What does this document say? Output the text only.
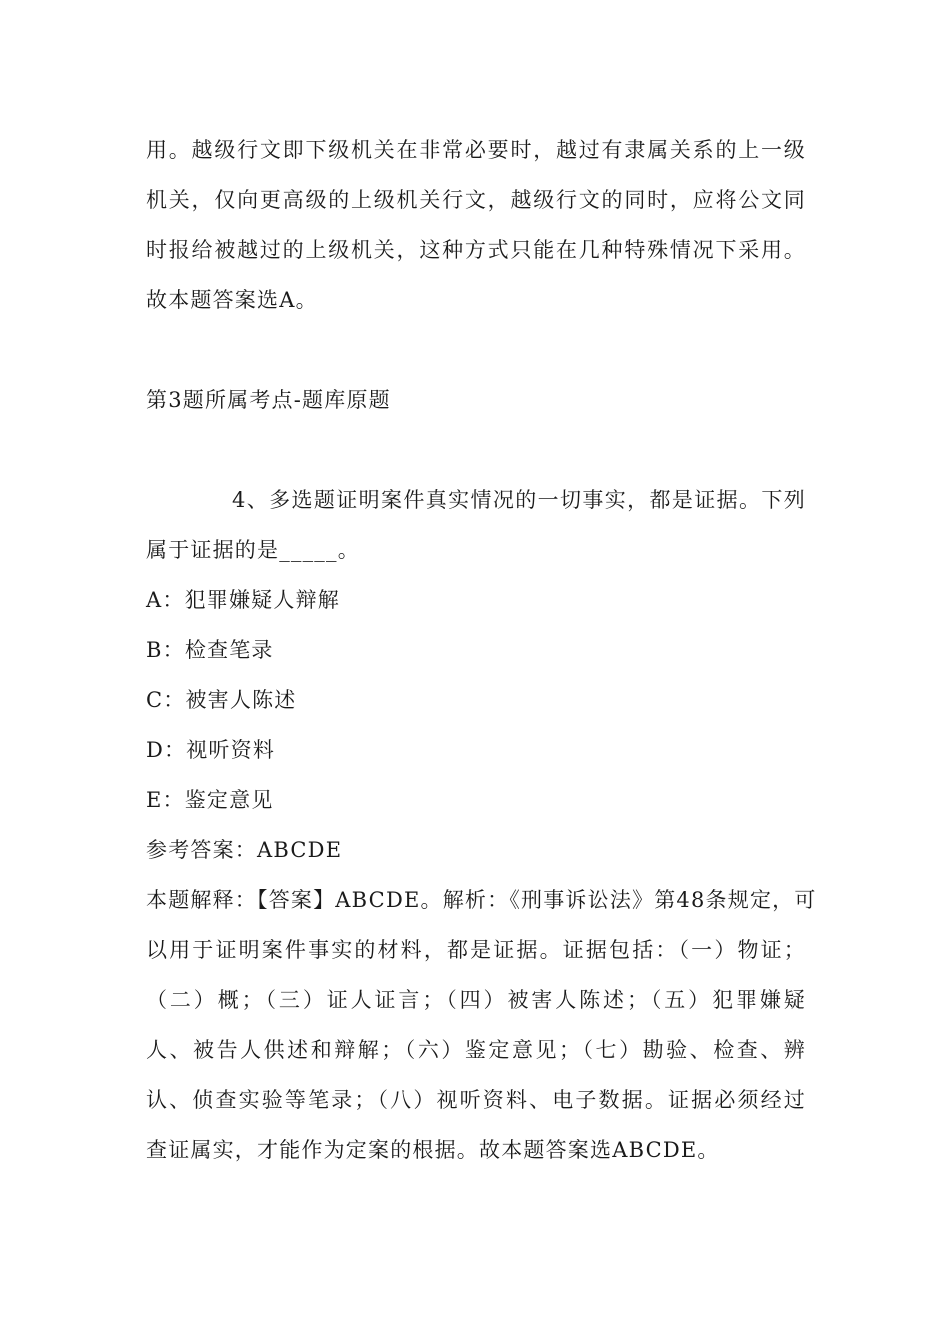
用。越级行文即下级机关在非常必要时，越过有隶属关系的上一级
机关，仅向更高级的上级机关行文，越级行文的同时，应将公文同
时报给被越过的上级机关，这种方式只能在几种特殊情况下采用。
故本题答案选A。
第3题所属考点-题库原题
4、多选题证明案件真实情况的一切事实，都是证据。下列
属于证据的是_____。
A：犯罪嫌疑人辩解
B：检查笔录
C：被害人陈述
D：视听资料
E：鉴定意见
参考答案：ABCDE
本题解释：【答案】ABCDE。解析：《刑事诉讼法》第48条规定，可
以用于证明案件事实的材料，都是证据。证据包括：（一）物证；
（二）概；（三）证人证言；（四）被害人陈述；（五）犯罪嫌疑
人、被告人供述和辩解；（六）鉴定意见；（七）勘验、检查、辨
认、侦查实验等笔录；（八）视听资料、电子数据。证据必须经过
查证属实，才能作为定案的根据。故本题答案选ABCDE。
